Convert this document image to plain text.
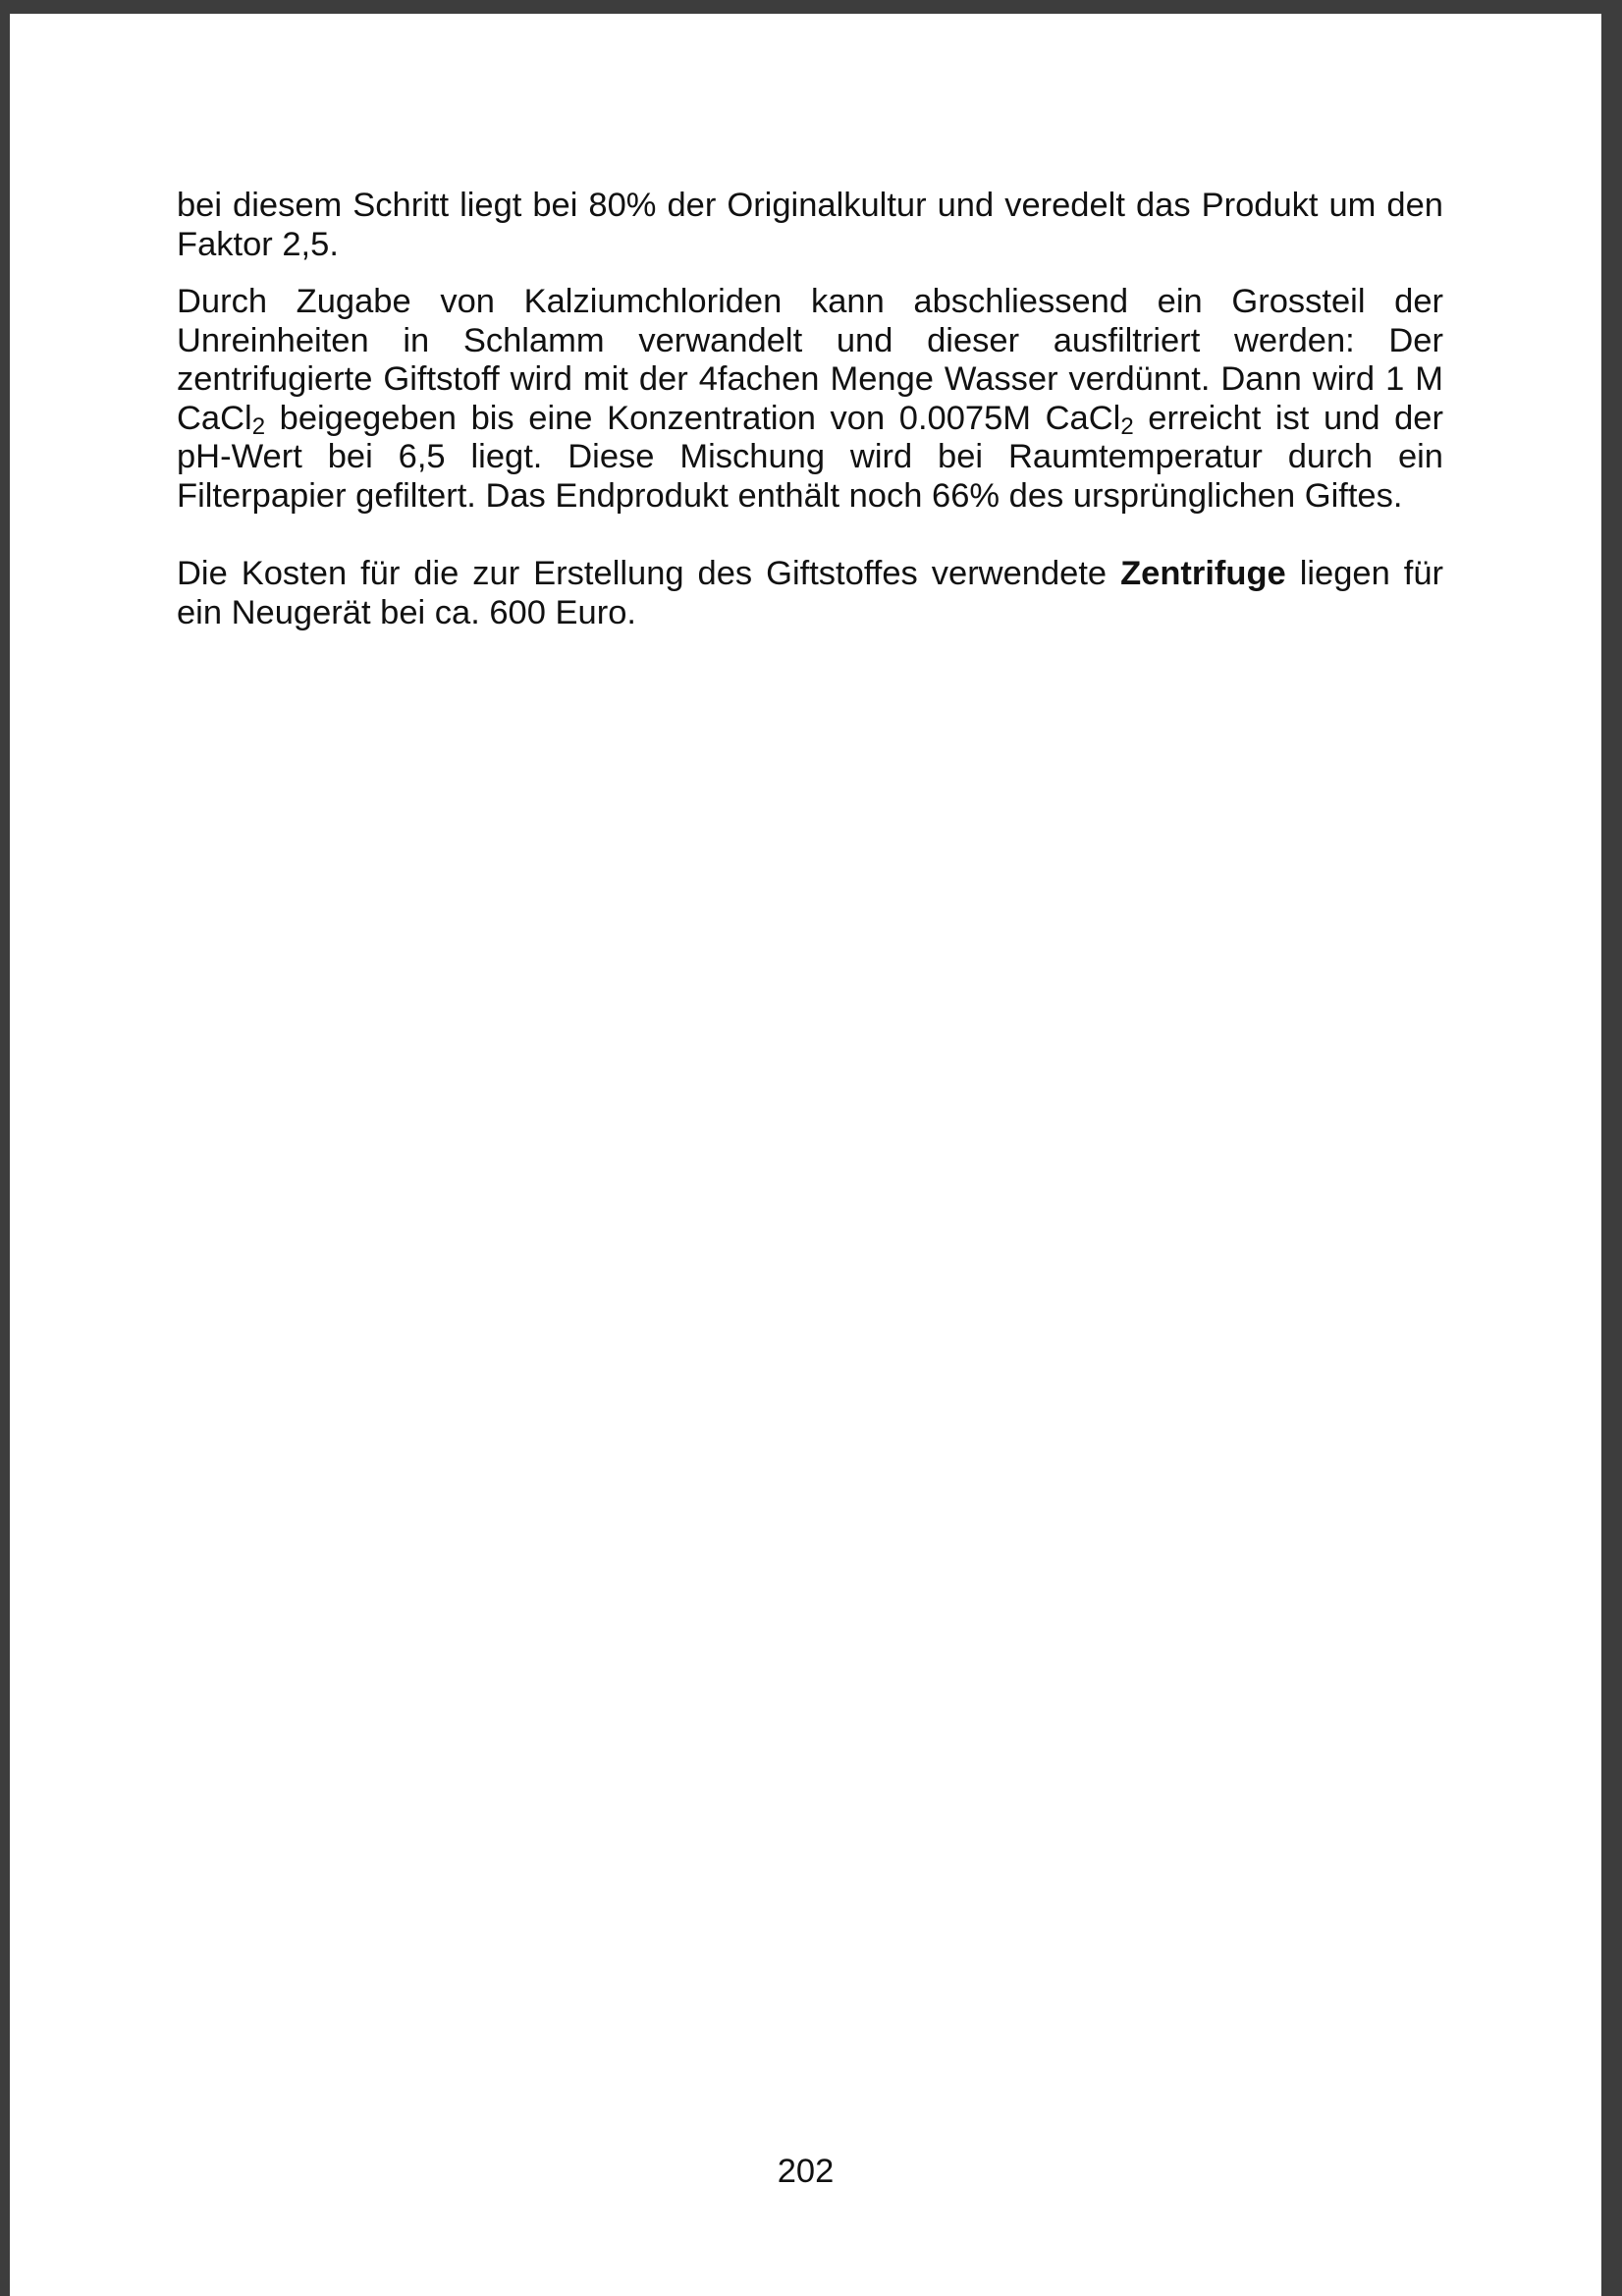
bei diesem Schritt liegt bei 80% der Originalkultur und veredelt das Produkt um den Faktor 2,5.

Durch Zugabe von Kalziumchloriden kann abschliessend ein Grossteil der Unreinheiten in Schlamm verwandelt und dieser ausfiltriert werden: Der zentrifugierte Giftstoff wird mit der 4fachen Menge Wasser verdünnt. Dann wird 1 M CaCl$_2$ beigegeben bis eine Konzentration von 0.0075M CaCl$_2$ erreicht ist und der pH-Wert bei 6,5 liegt. Diese Mischung wird bei Raumtemperatur durch ein Filterpapier gefiltert. Das Endprodukt enthält noch 66% des ursprünglichen Giftes.

Die Kosten für die zur Erstellung des Giftstoffes verwendete Zentrifuge liegen für ein Neugerät bei ca. 600 Euro.

202
